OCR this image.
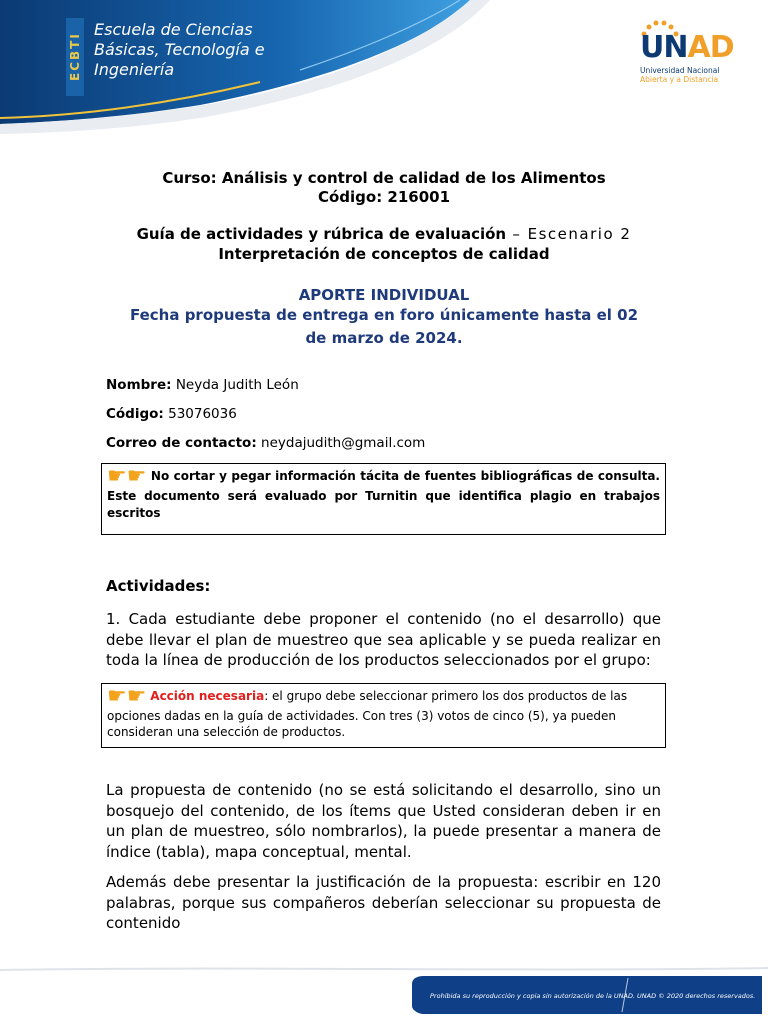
ECBTI
Escuela de Ciencias
Básicas, Tecnología e
Ingeniería
UNAD
Universidad Nacional
Abierta y a Distancia
Curso: Análisis y control de calidad de los Alimentos
Código: 216001
Guía de actividades y rúbrica de evaluación – Escenario 2
Interpretación de conceptos de calidad
APORTE INDIVIDUAL
Fecha propuesta de entrega en foro únicamente hasta el 02
de marzo de 2024.
Nombre: Neyda Judith León
Código: 53076036
Correo de contacto: neydajudith@gmail.com
☛☛ No cortar y pegar información tácita de fuentes bibliográficas de consulta. Este documento será evaluado por Turnitin que identifica plagio en trabajos escritos
Actividades:
1. Cada estudiante debe proponer el contenido (no el desarrollo) que debe llevar el plan de muestreo que sea aplicable y se pueda realizar en toda la línea de producción de los productos seleccionados por el grupo:
☛☛ Acción necesaria: el grupo debe seleccionar primero los dos productos de las opciones dadas en la guía de actividades. Con tres (3) votos de cinco (5), ya pueden consideran una selección de productos.
La propuesta de contenido (no se está solicitando el desarrollo, sino un bosquejo del contenido, de los ítems que Usted consideran deben ir en un plan de muestreo, sólo nombrarlos), la puede presentar a manera de índice (tabla), mapa conceptual, mental.
Además debe presentar la justificación de la propuesta: escribir en 120 palabras, porque sus compañeros deberían seleccionar su propuesta de contenido
Prohibida su reproducción y copia sin autorización de la UNAD. UNAD © 2020 derechos reservados.
